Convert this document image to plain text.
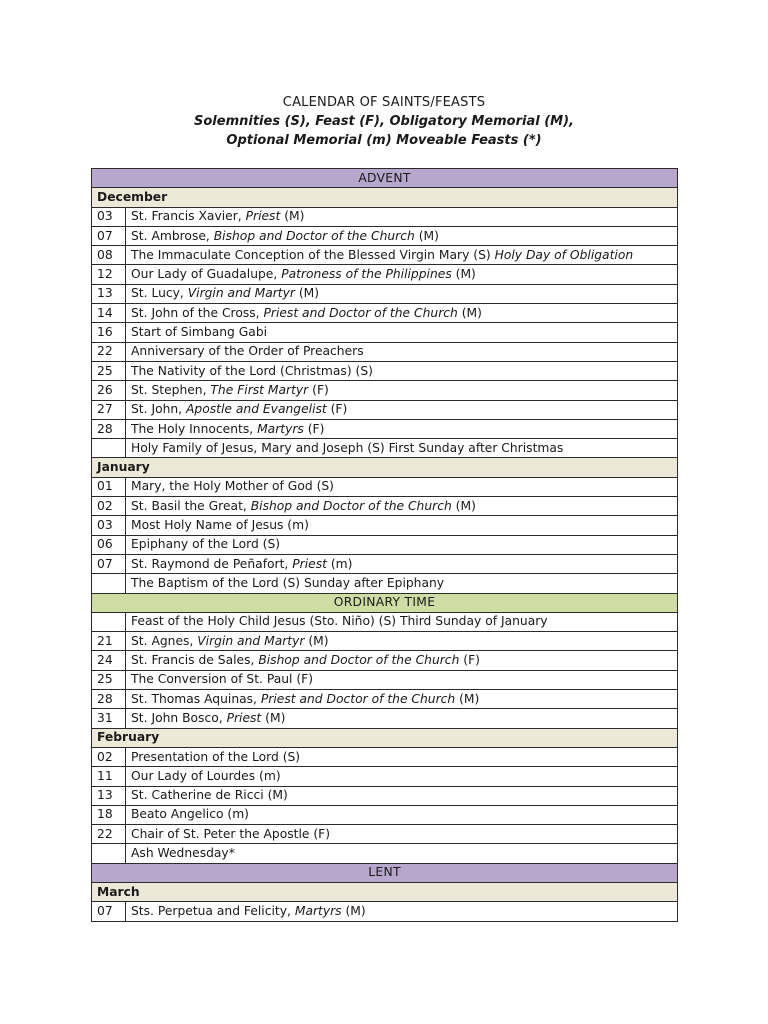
CALENDAR OF SAINTS/FEASTS
Solemnities (S), Feast (F), Obligatory Memorial (M),
Optional Memorial (m) Moveable Feasts (*)
ADVENT	
December	
03	St. Francis Xavier, Priest (M)
07	St. Ambrose, Bishop and Doctor of the Church (M)
08	The Immaculate Conception of the Blessed Virgin Mary (S) Holy Day of Obligation
12	Our Lady of Guadalupe, Patroness of the Philippines (M)
13	St. Lucy, Virgin and Martyr (M)
14	St. John of the Cross, Priest and Doctor of the Church (M)
16	Start of Simbang Gabi
22	Anniversary of the Order of Preachers
25	The Nativity of the Lord (Christmas) (S)
26	St. Stephen, The First Martyr (F)
27	St. John, Apostle and Evangelist (F)
28	The Holy Innocents, Martyrs (F)
	Holy Family of Jesus, Mary and Joseph (S) First Sunday after Christmas
January	
01	Mary, the Holy Mother of God (S)
02	St. Basil the Great, Bishop and Doctor of the Church (M)
03	Most Holy Name of Jesus (m)
06	Epiphany of the Lord (S)
07	St. Raymond de Peñafort, Priest (m)
	The Baptism of the Lord (S) Sunday after Epiphany
ORDINARY TIME	
	Feast of the Holy Child Jesus (Sto. Niño) (S) Third Sunday of January
21	St. Agnes, Virgin and Martyr (M)
24	St. Francis de Sales, Bishop and Doctor of the Church (F)
25	The Conversion of St. Paul (F)
28	St. Thomas Aquinas, Priest and Doctor of the Church (M)
31	St. John Bosco, Priest (M)
February	
02	Presentation of the Lord (S)
11	Our Lady of Lourdes (m)
13	St. Catherine de Ricci (M)
18	Beato Angelico (m)
22	Chair of St. Peter the Apostle (F)
	Ash Wednesday*
LENT	
March	
07	Sts. Perpetua and Felicity, Martyrs (M)
